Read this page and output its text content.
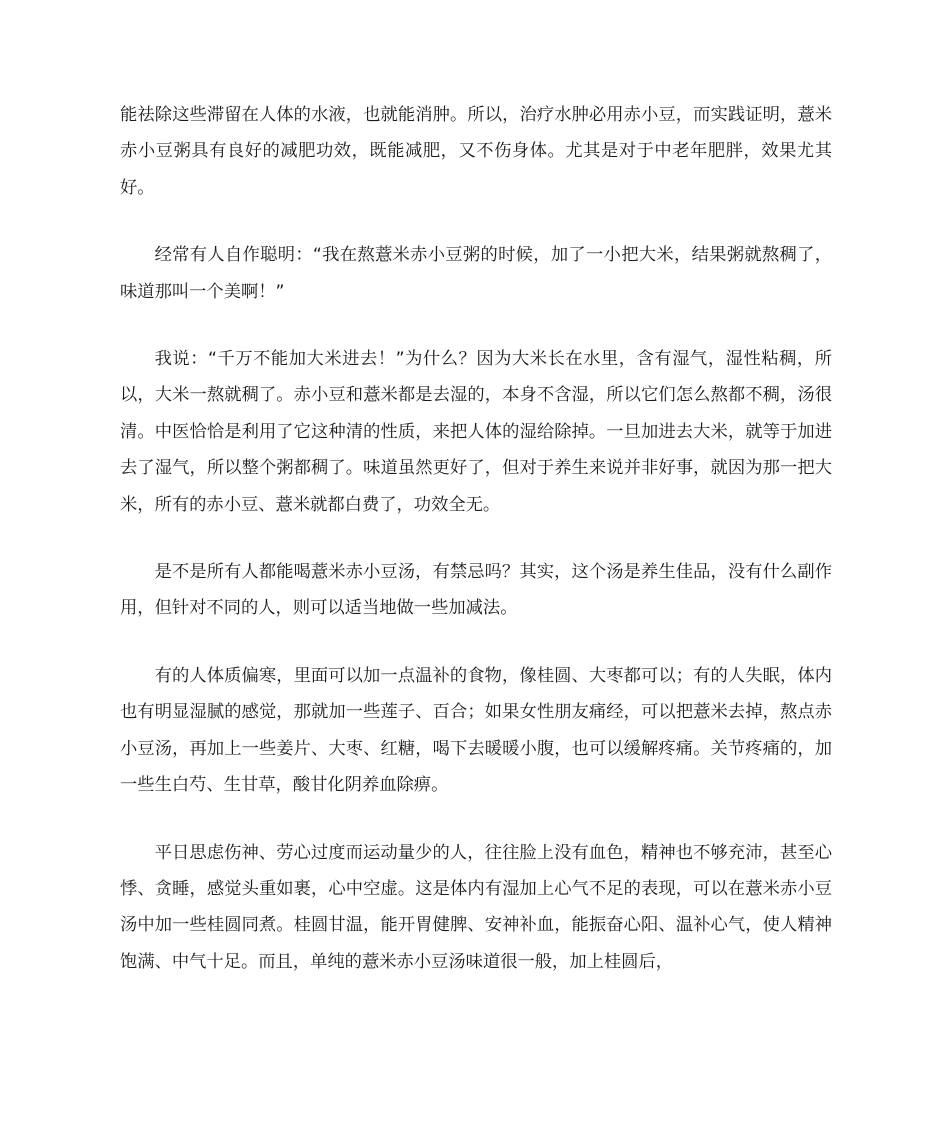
能祛除这些滞留在人体的水液，也就能消肿。所以，治疗水肿必用赤小豆，而实践证明，薏米赤小豆粥具有良好的减肥功效，既能减肥，又不伤身体。尤其是对于中老年肥胖，效果尤其好。

经常有人自作聪明：“我在熬薏米赤小豆粥的时候，加了一小把大米，结果粥就熬稠了，味道那叫一个美啊！”

我说：“千万不能加大米进去！”为什么？因为大米长在水里，含有湿气，湿性粘稠，所以，大米一熬就稠了。赤小豆和薏米都是去湿的，本身不含湿，所以它们怎么熬都不稠，汤很清。中医恰恰是利用了它这种清的性质，来把人体的湿给除掉。一旦加进去大米，就等于加进去了湿气，所以整个粥都稠了。味道虽然更好了，但对于养生来说并非好事，就因为那一把大米，所有的赤小豆、薏米就都白费了，功效全无。

是不是所有人都能喝薏米赤小豆汤，有禁忌吗？其实，这个汤是养生佳品，没有什么副作用，但针对不同的人，则可以适当地做一些加减法。

有的人体质偏寒，里面可以加一点温补的食物，像桂圆、大枣都可以；有的人失眠，体内也有明显湿腻的感觉，那就加一些莲子、百合；如果女性朋友痛经，可以把薏米去掉，熬点赤小豆汤，再加上一些姜片、大枣、红糖，喝下去暖暖小腹，也可以缓解疼痛。关节疼痛的，加一些生白芍、生甘草，酸甘化阴养血除痹。

平日思虑伤神、劳心过度而运动量少的人，往往脸上没有血色，精神也不够充沛，甚至心悸、贪睡，感觉头重如裹，心中空虚。这是体内有湿加上心气不足的表现，可以在薏米赤小豆汤中加一些桂圆同煮。桂圆甘温，能开胃健脾、安神补血，能振奋心阳、温补心气，使人精神饱满、中气十足。而且，单纯的薏米赤小豆汤味道很一般，加上桂圆后，
